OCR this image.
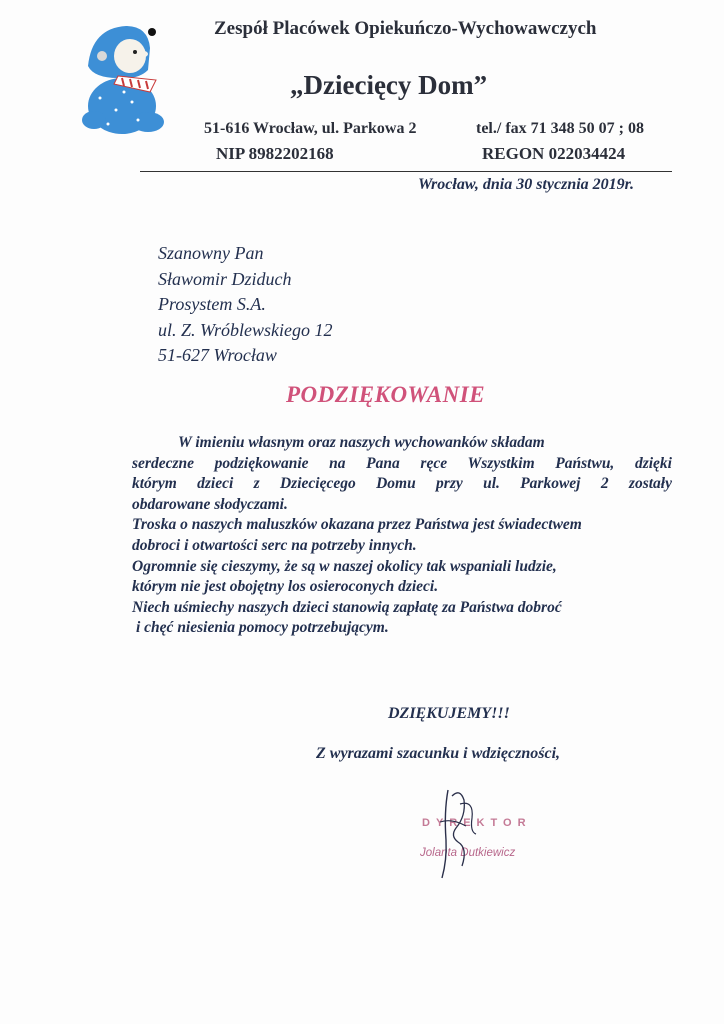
Zespół Placówek Opiekuńczo-Wychowawczych
„Dziecięcy Dom”
51-616 Wrocław, ul. Parkowa 2	tel./ fax 71 348 50 07 ; 08
NIP 8982202168	REGON 022034424
Wrocław, dnia 30 stycznia 2019r.
Szanowny Pan
Sławomir Dziduch
Prosystem S.A.
ul. Z. Wróblewskiego 12
51-627 Wrocław
PODZIĘKOWANIE
W imieniu własnym oraz naszych wychowanków składam
serdeczne podziękowanie na Pana ręce Wszystkim Państwu, dzięki
którym dzieci z Dziecięcego Domu przy ul. Parkowej 2 zostały
obdarowane słodyczami.
Troska o naszych maluszków okazana przez Państwa jest świadectwem
dobroci i otwartości serc na potrzeby innych.
Ogromnie się cieszymy, że są w naszej okolicy tak wspaniali ludzie,
którym nie jest obojętny los osieroconych dzieci.
Niech uśmiechy naszych dzieci stanowią zapłatę za Państwa dobroć
i chęć niesienia pomocy potrzebującym.
DZIĘKUJEMY!!!
Z wyrazami szacunku i wdzięczności,
DYREKTOR
Jolanta Dutkiewicz
